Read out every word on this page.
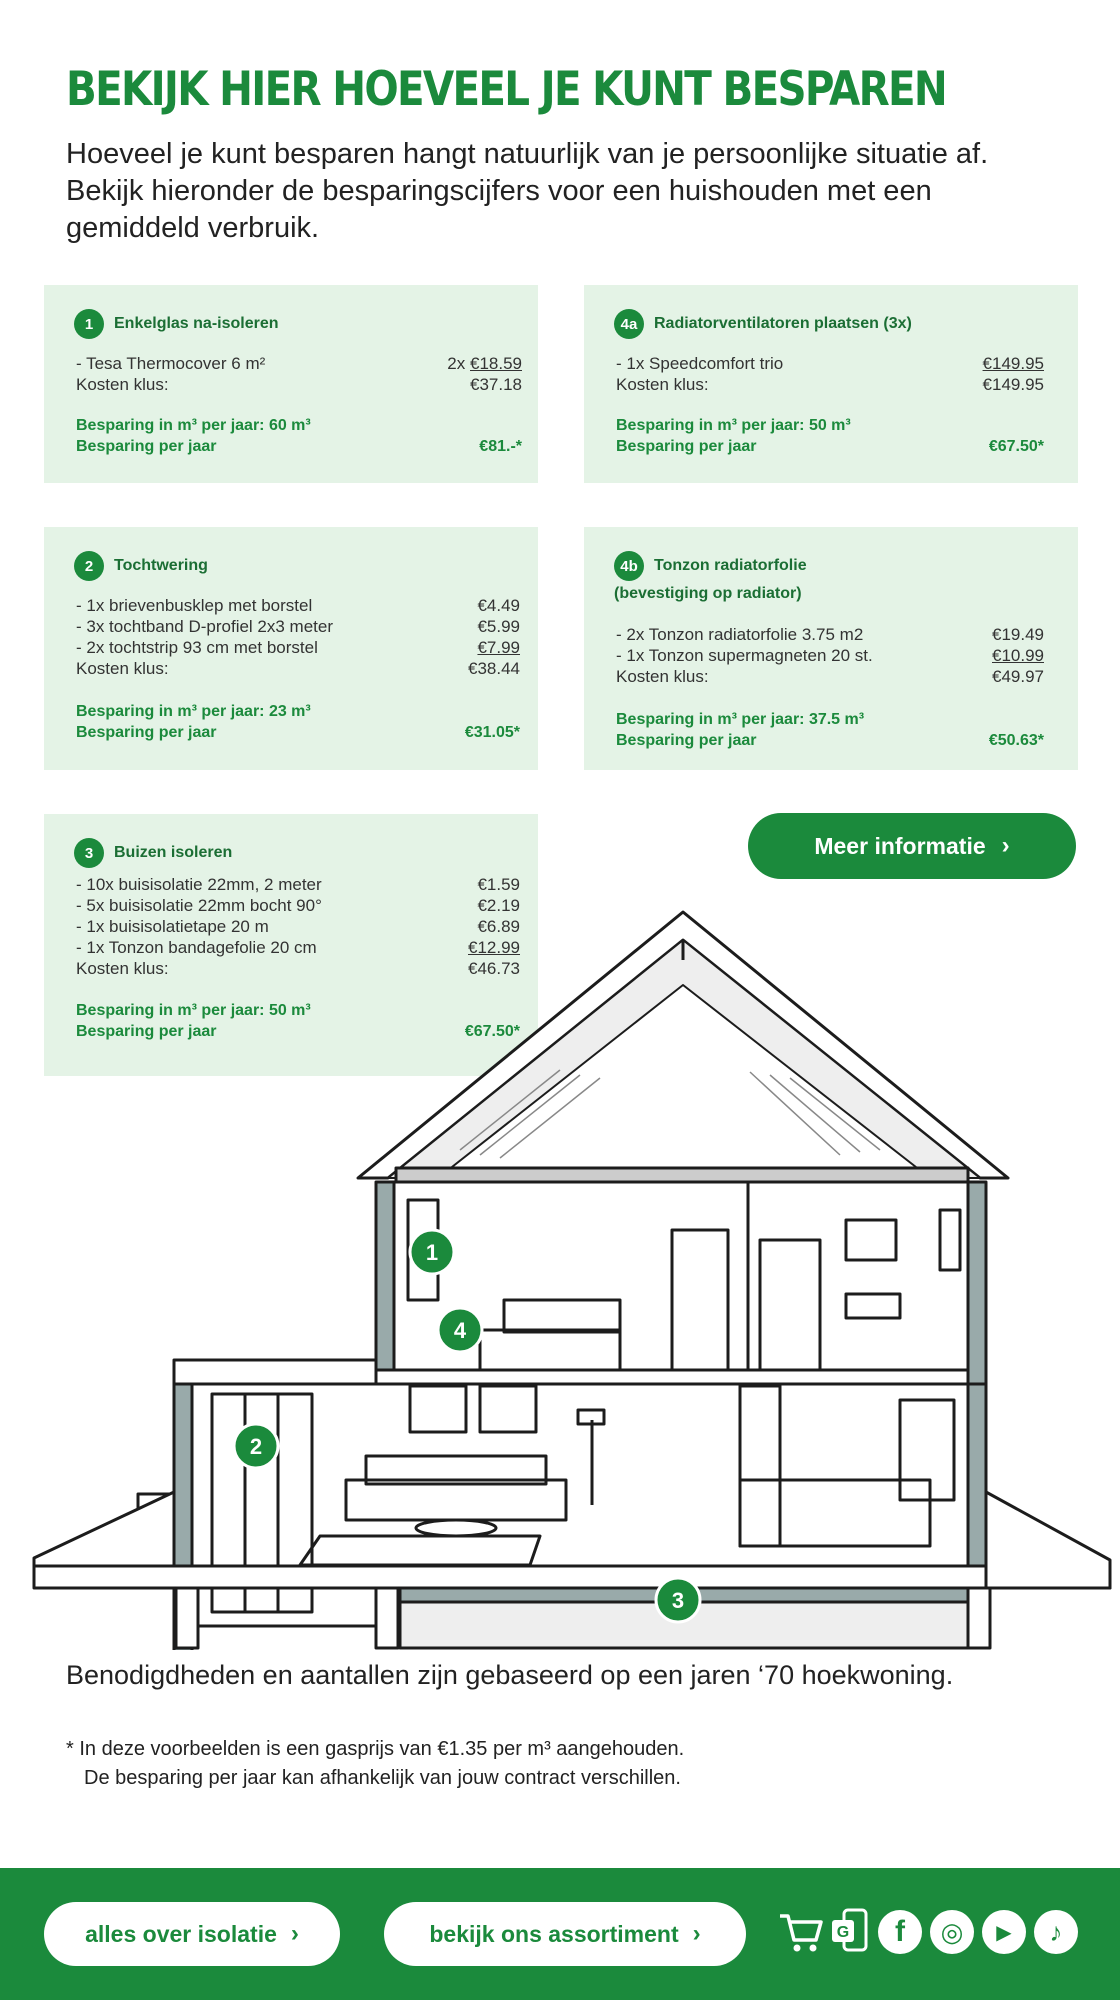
BEKIJK HIER HOEVEEL JE KUNT BESPAREN
Hoeveel je kunt besparen hangt natuurlijk van je persoonlijke situatie af. Bekijk hieronder de besparingscijfers voor een huishouden met een gemiddeld verbruik.
1	Enkelglas na-isoleren
- Tesa Thermocover 6 m²	2x €18.59
Kosten klus:	€37.18
Besparing in m³ per jaar: 60 m³
Besparing per jaar	€81.-*
4a	Radiatorventilatoren plaatsen (3x)
- 1x Speedcomfort trio	€149.95
Kosten klus:	€149.95
Besparing in m³ per jaar: 50 m³
Besparing per jaar	€67.50*
2	Tochtwering
- 1x brievenbusklep met borstel	€4.49
- 3x tochtband D-profiel 2x3 meter	€5.99
- 2x tochtstrip 93 cm met borstel	€7.99
Kosten klus:	€38.44
Besparing in m³ per jaar: 23 m³
Besparing per jaar	€31.05*
4b	Tonzon radiatorfolie
(bevestiging op radiator)
- 2x Tonzon radiatorfolie 3.75 m2	€19.49
- 1x Tonzon supermagneten 20 st.	€10.99
Kosten klus:	€49.97
Besparing in m³ per jaar: 37.5 m³
Besparing per jaar	€50.63*
3	Buizen isoleren
- 10x buisisolatie 22mm, 2 meter	€1.59
- 5x buisisolatie 22mm bocht 90°	€2.19
- 1x buisisolatietape 20 m	€6.89
- 1x Tonzon bandagefolie 20 cm	€12.99
Kosten klus:	€46.73
Besparing in m³ per jaar: 50 m³
Besparing per jaar	€67.50*
Meer informatie ›
1
4
2
3
Benodigdheden en aantallen zijn gebaseerd op een jaren ‘70 hoekwoning.
* In deze voorbeelden is een gasprijs van €1.35 per m³ aangehouden.
De besparing per jaar kan afhankelijk van jouw contract verschillen.
alles over isolatie ›	bekijk ons assortiment ›	G	f	◎	▶	♪
